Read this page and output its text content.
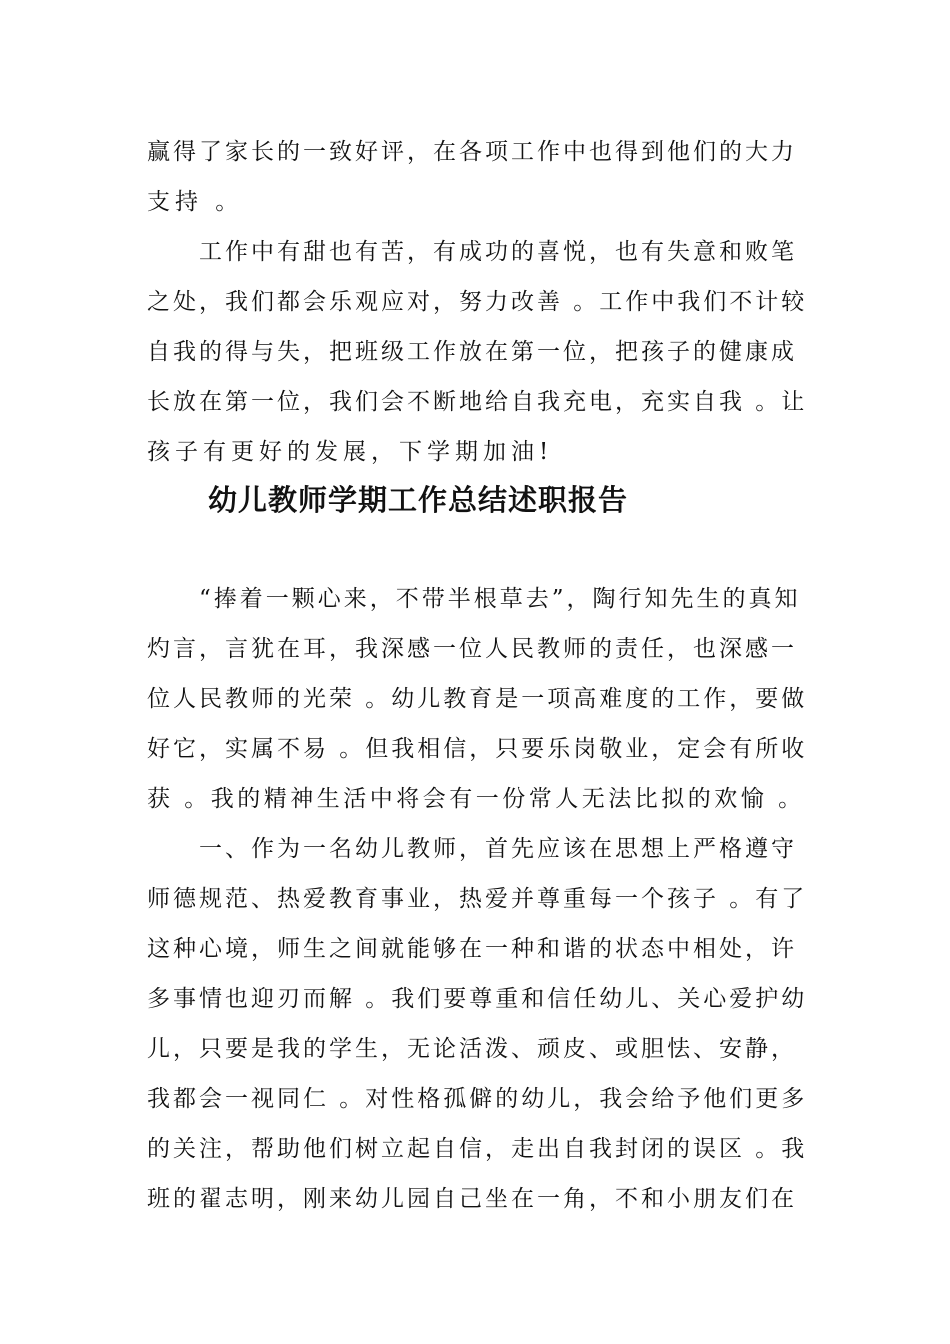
赢得了家长的一致好评，在各项工作中也得到他们的大力
支持 。
　　工作中有甜也有苦，有成功的喜悦，也有失意和败笔
之处，我们都会乐观应对，努力改善 。工作中我们不计较
自我的得与失，把班级工作放在第一位，把孩子的健康成
长放在第一位，我们会不断地给自我充电，充实自我 。让
孩子有更好的发展，下学期加油!
幼儿教师学期工作总结述职报告
　　“捧着一颗心来，不带半根草去”，陶行知先生的真知
灼言，言犹在耳，我深感一位人民教师的责任，也深感一
位人民教师的光荣 。幼儿教育是一项高难度的工作，要做
好它，实属不易 。但我相信，只要乐岗敬业，定会有所收
获 。我的精神生活中将会有一份常人无法比拟的欢愉 。
　　一、作为一名幼儿教师，首先应该在思想上严格遵守
师德规范、热爱教育事业，热爱并尊重每一个孩子 。有了
这种心境，师生之间就能够在一种和谐的状态中相处，许
多事情也迎刃而解 。我们要尊重和信任幼儿、关心爱护幼
儿，只要是我的学生，无论活泼、顽皮、或胆怯、安静，
我都会一视同仁 。对性格孤僻的幼儿，我会给予他们更多
的关注，帮助他们树立起自信，走出自我封闭的误区 。我
班的翟志明，刚来幼儿园自己坐在一角，不和小朋友们在
